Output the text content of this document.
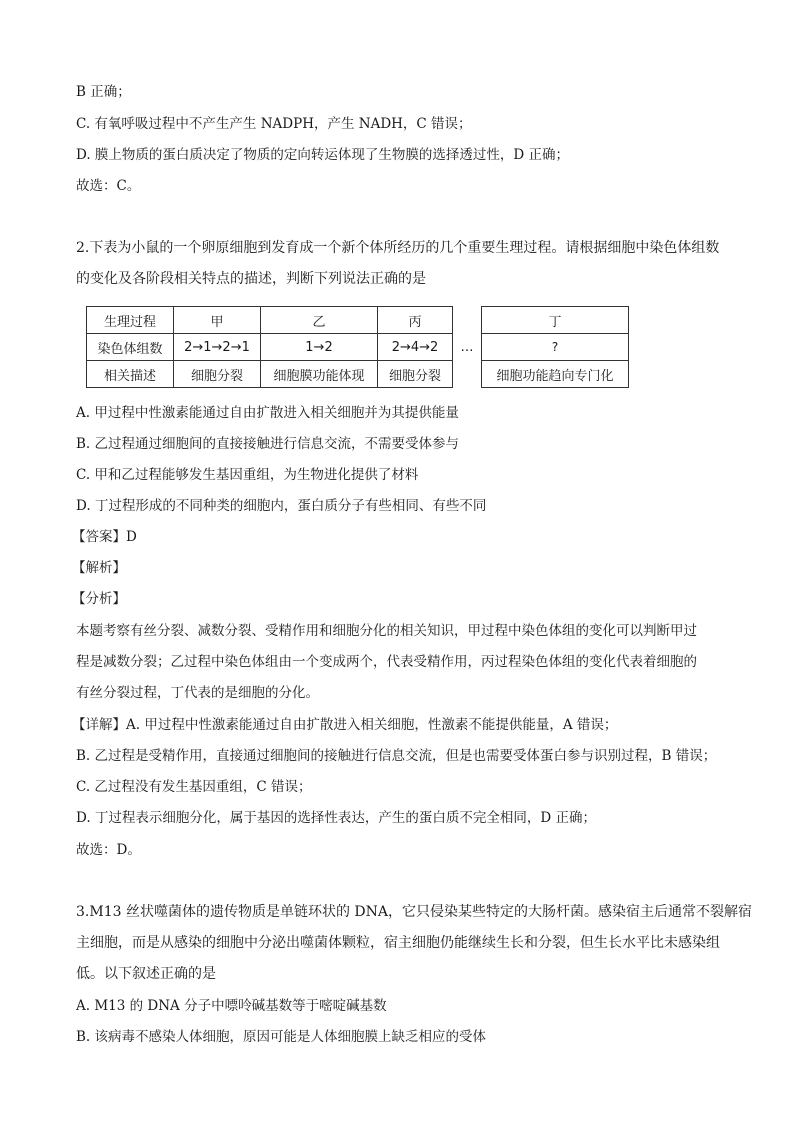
B 正确；
C. 有氧呼吸过程中不产生产生 NADPH，产生 NADH，C 错误；
D. 膜上物质的蛋白质决定了物质的定向转运体现了生物膜的选择透过性，D 正确；
故选：C。
2.下表为小鼠的一个卵原细胞到发育成一个新个体所经历的几个重要生理过程。请根据细胞中染色体组数
的变化及各阶段相关特点的描述，判断下列说法正确的是
生理过程	甲	乙	丙	…	丁
染色体组数	2→1→2→1	1→2	2→4→2		?
相关描述	细胞分裂	细胞膜功能体现	细胞分裂		细胞功能趋向专门化
A. 甲过程中性激素能通过自由扩散进入相关细胞并为其提供能量
B. 乙过程通过细胞间的直接接触进行信息交流，不需要受体参与
C. 甲和乙过程能够发生基因重组，为生物进化提供了材料
D. 丁过程形成的不同种类的细胞内，蛋白质分子有些相同、有些不同
【答案】D
【解析】
【分析】
本题考察有丝分裂、减数分裂、受精作用和细胞分化的相关知识，甲过程中染色体组的变化可以判断甲过
程是减数分裂；乙过程中染色体组由一个变成两个，代表受精作用，丙过程染色体组的变化代表着细胞的
有丝分裂过程，丁代表的是细胞的分化。
【详解】A. 甲过程中性激素能通过自由扩散进入相关细胞，性激素不能提供能量，A 错误；
B. 乙过程是受精作用，直接通过细胞间的接触进行信息交流，但是也需要受体蛋白参与识别过程，B 错误；
C. 乙过程没有发生基因重组，C 错误；
D. 丁过程表示细胞分化，属于基因的选择性表达，产生的蛋白质不完全相同，D 正确；
故选：D。
3.M13 丝状噬菌体的遗传物质是单链环状的 DNA，它只侵染某些特定的大肠杆菌。感染宿主后通常不裂解宿
主细胞，而是从感染的细胞中分泌出噬菌体颗粒，宿主细胞仍能继续生长和分裂，但生长水平比未感染组
低。以下叙述正确的是
A. M13 的 DNA 分子中嘌呤碱基数等于嘧啶碱基数
B. 该病毒不感染人体细胞，原因可能是人体细胞膜上缺乏相应的受体
